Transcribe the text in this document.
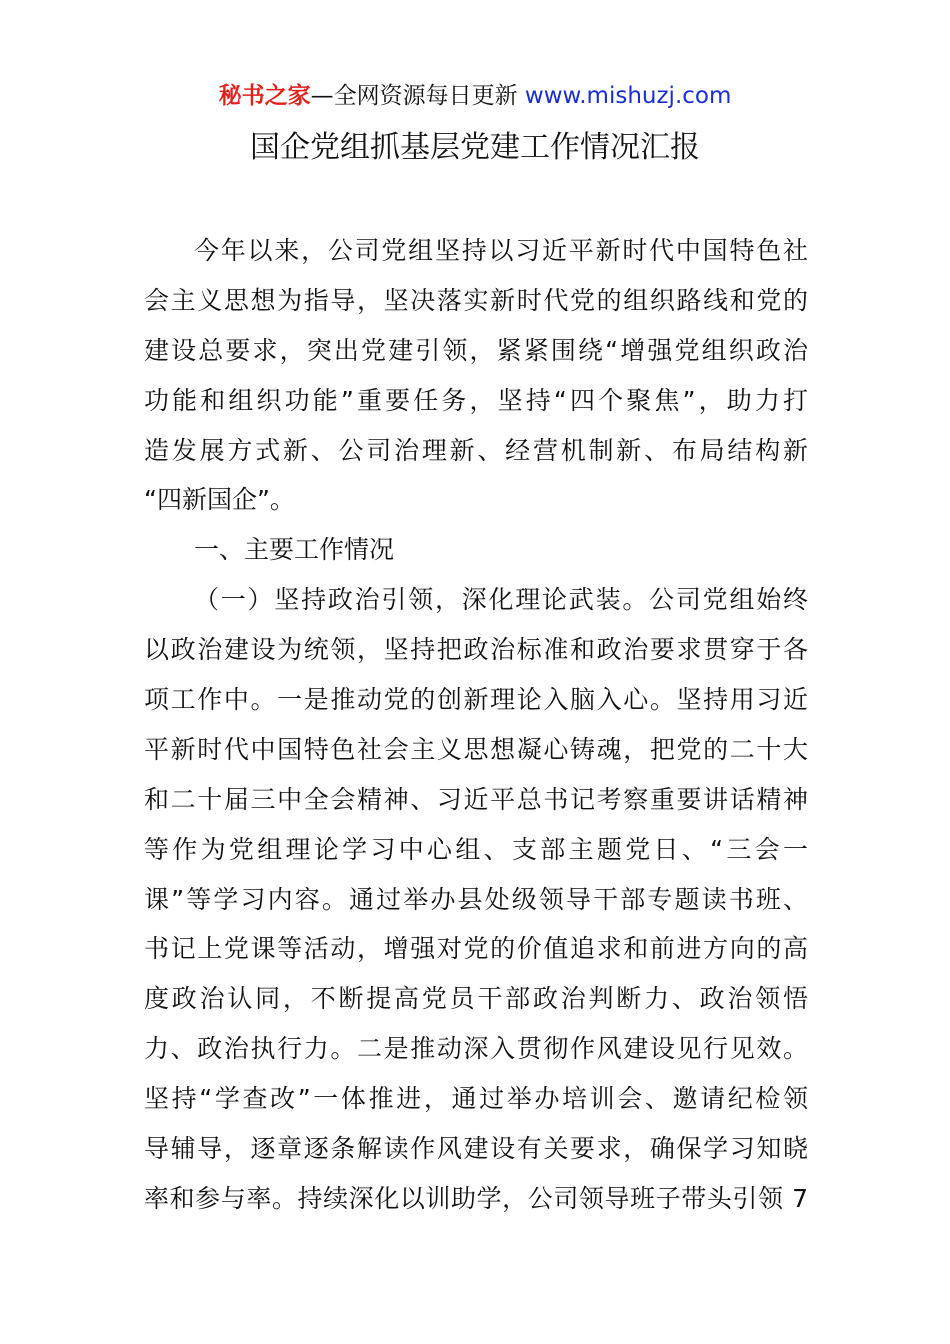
秘书之家—全网资源每日更新 www.mishuzj.com
国企党组抓基层党建工作情况汇报

今年以来，公司党组坚持以习近平新时代中国特色社
会主义思想为指导，坚决落实新时代党的组织路线和党的
建设总要求，突出党建引领，紧紧围绕“增强党组织政治
功能和组织功能”重要任务，坚持“四个聚焦”，助力打
造发展方式新、公司治理新、经营机制新、布局结构新
“四新国企”。

一、主要工作情况

（一）坚持政治引领，深化理论武装。公司党组始终
以政治建设为统领，坚持把政治标准和政治要求贯穿于各
项工作中。一是推动党的创新理论入脑入心。坚持用习近
平新时代中国特色社会主义思想凝心铸魂，把党的二十大
和二十届三中全会精神、习近平总书记考察重要讲话精神
等作为党组理论学习中心组、支部主题党日、“三会一
课”等学习内容。通过举办县处级领导干部专题读书班、
书记上党课等活动，增强对党的价值追求和前进方向的高
度政治认同，不断提高党员干部政治判断力、政治领悟
力、政治执行力。二是推动深入贯彻作风建设见行见效。
坚持“学查改”一体推进，通过举办培训会、邀请纪检领
导辅导，逐章逐条解读作风建设有关要求，确保学习知晓
率和参与率。持续深化以训助学，公司领导班子带头引领 7
